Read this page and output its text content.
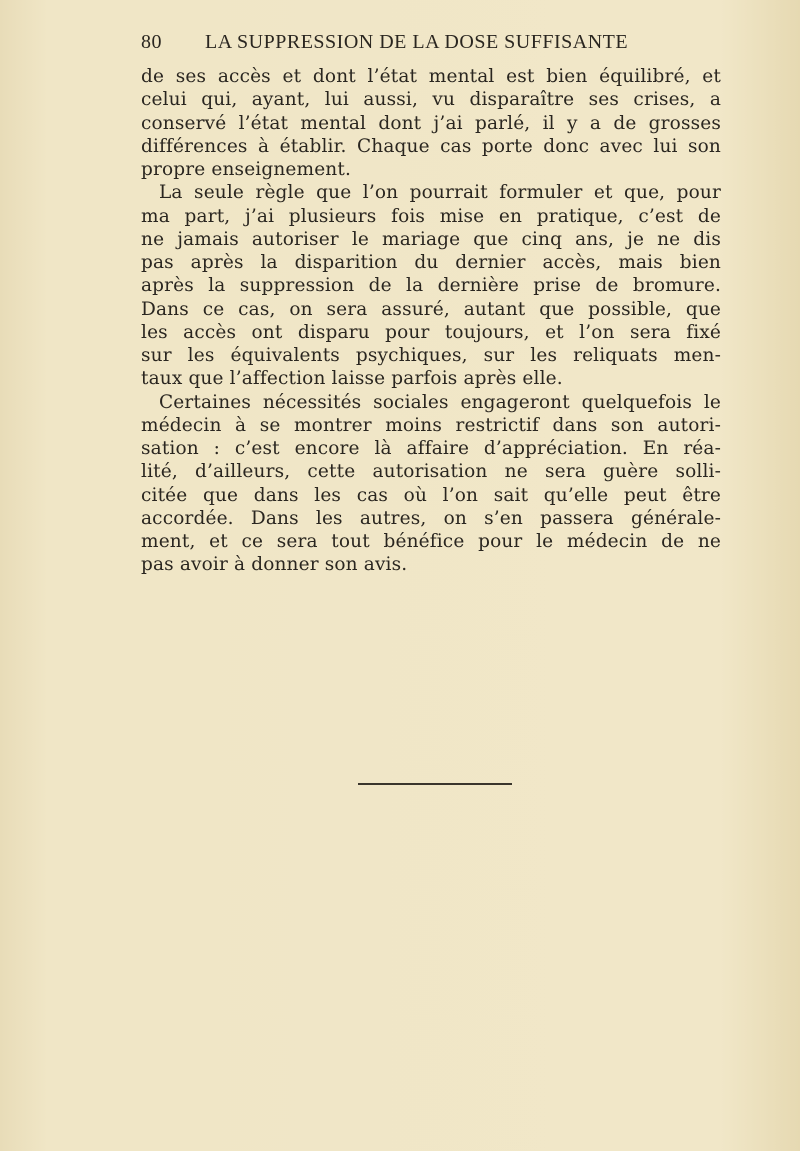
80 LA SUPPRESSION DE LA DOSE SUFFISANTE
de ses accès et dont l’état mental est bien équilibré, et
celui qui, ayant, lui aussi, vu disparaître ses crises, a
conservé l’état mental dont j’ai parlé, il y a de grosses
différences à établir. Chaque cas porte donc avec lui son
propre enseignement.
La seule règle que l’on pourrait formuler et que, pour
ma part, j’ai plusieurs fois mise en pratique, c’est de
ne jamais autoriser le mariage que cinq ans, je ne dis
pas après la disparition du dernier accès, mais bien
après la suppression de la dernière prise de bromure.
Dans ce cas, on sera assuré, autant que possible, que
les accès ont disparu pour toujours, et l’on sera fixé
sur les équivalents psychiques, sur les reliquats men-
taux que l’affection laisse parfois après elle.
Certaines nécessités sociales engageront quelquefois le
médecin à se montrer moins restrictif dans son autori-
sation : c’est encore là affaire d’appréciation. En réa-
lité, d’ailleurs, cette autorisation ne sera guère solli-
citée que dans les cas où l’on sait qu’elle peut être
accordée. Dans les autres, on s’en passera générale-
ment, et ce sera tout bénéfice pour le médecin de ne
pas avoir à donner son avis.
